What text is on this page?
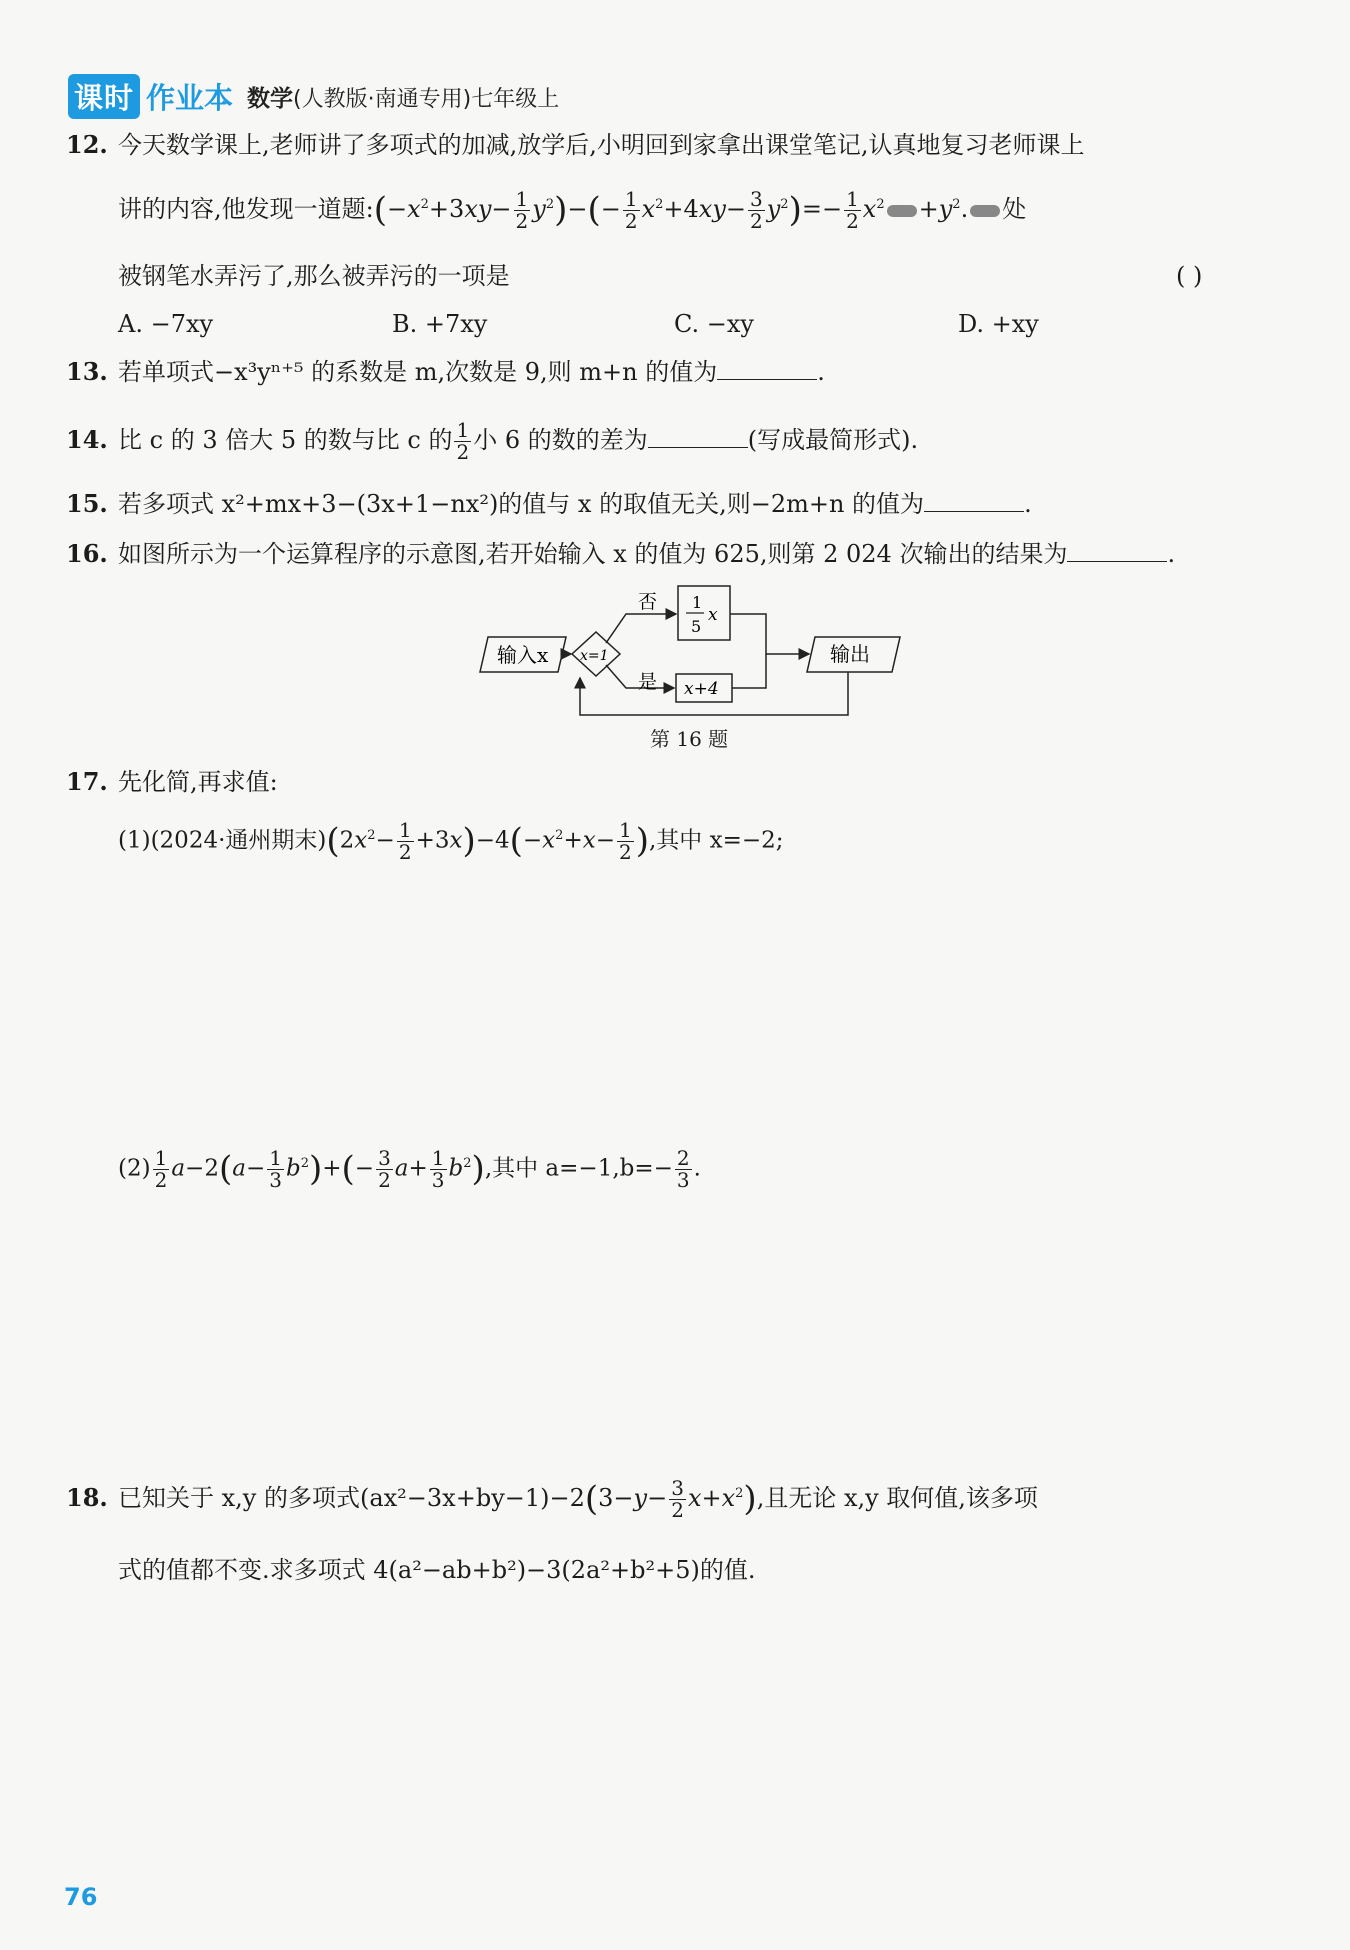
课时 作业本 数学(人教版·南通专用)七年级上
12. 今天数学课上,老师讲了多项式的加减,放学后,小明回到家拿出课堂笔记,认真地复习老师课上
讲的内容,他发现一道题$:(-x^2+3xy- \frac{1}{2} y^2)-(- \frac{1}{2} x^2+4xy- \frac{3}{2} y^2)=- \frac{1}{2} x^2 +y^2$. 处
被钢笔水弄污了,那么被弄污的一项是	( )
A. −7xy	B. +7xy	C. −xy	D. +xy
13. 若单项式−x³yⁿ⁺⁵ 的系数是 m,次数是 9,则 m+n 的值为	.
14. 比 c 的 3 倍大 5 的数与比 c 的 $\frac{1}{2}$ 小 6 的数的差为	(写成最简形式).
15. 若多项式 x²+mx+3−(3x+1−nx²)的值与 x 的取值无关,则−2m+n 的值为	.
16. 如图所示为一个运算程序的示意图,若开始输入 x 的值为 625,则第 2 024 次输出的结果为	.
输入x x=1
否
是
1
5
x
x+4
输出
第 16 题
17. 先化简,再求值:
(1)(2024·通州期末)$(2x^2- \frac{1}{2} +3x)-4(-x^2+x- \frac{1}{2}$ ),其中 x=−2;
$(2) \frac{1}{2} a-2(a- \frac{1}{3} b^2)+(- \frac{3}{2} a+ \frac{1}{3} b^2)$,其中 $a=-1,b=- \frac{2}{3}$ .
18. 已知关于 x,y 的多项式$(ax^2-3x+by-1)-2(3-y- \frac{3}{2} x+x^2)$,且无论 x,y 取何值,该多项
式的值都不变.求多项式 4(a²−ab+b²)−3(2a²+b²+5)的值.
76
